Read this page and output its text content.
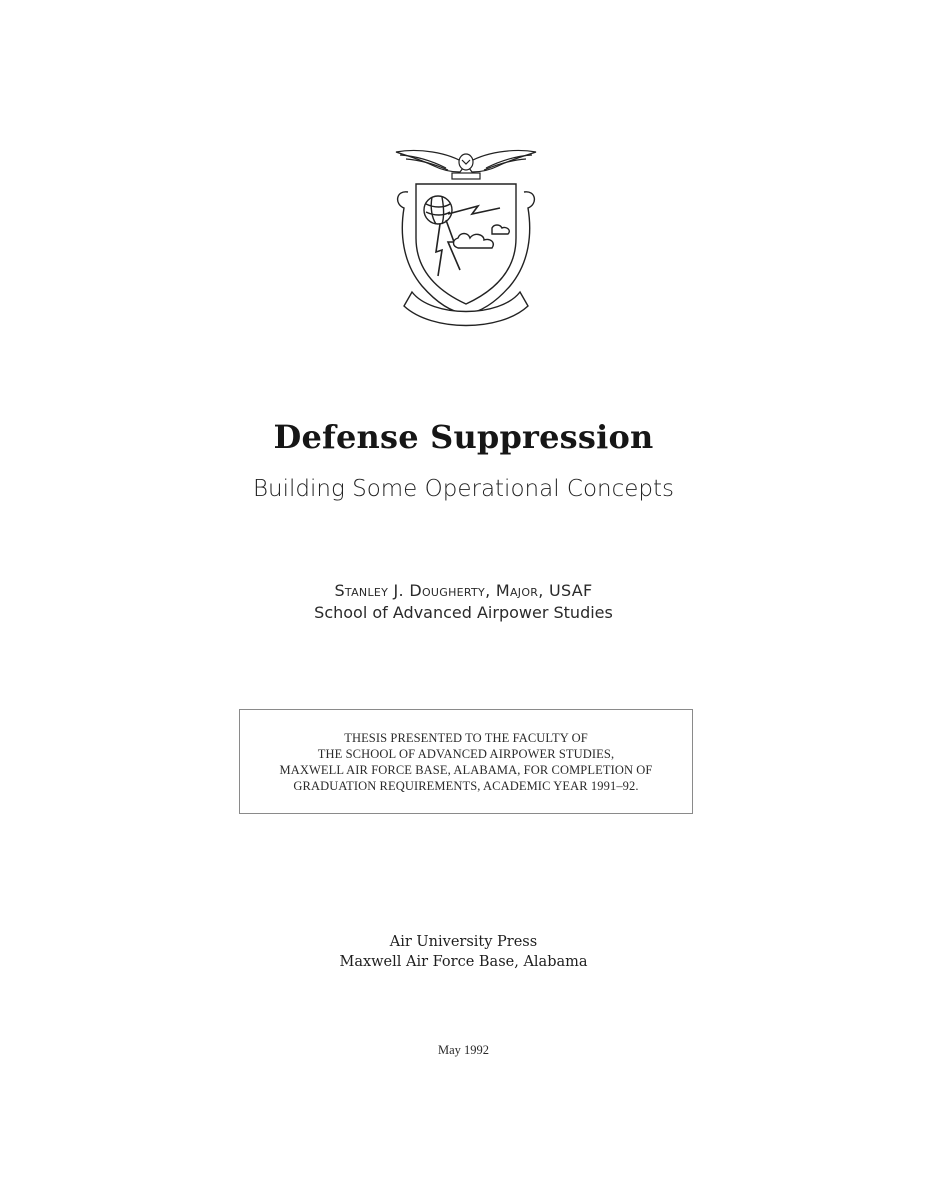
Defense Suppression
Building Some Operational Concepts
Stanley J. Dougherty, Major, USAF
School of Advanced Airpower Studies
THESIS PRESENTED TO THE FACULTY OF
THE SCHOOL OF ADVANCED AIRPOWER STUDIES,
MAXWELL AIR FORCE BASE, ALABAMA, FOR COMPLETION OF
GRADUATION REQUIREMENTS, ACADEMIC YEAR 1991–92.
Air University Press
Maxwell Air Force Base, Alabama
May 1992
